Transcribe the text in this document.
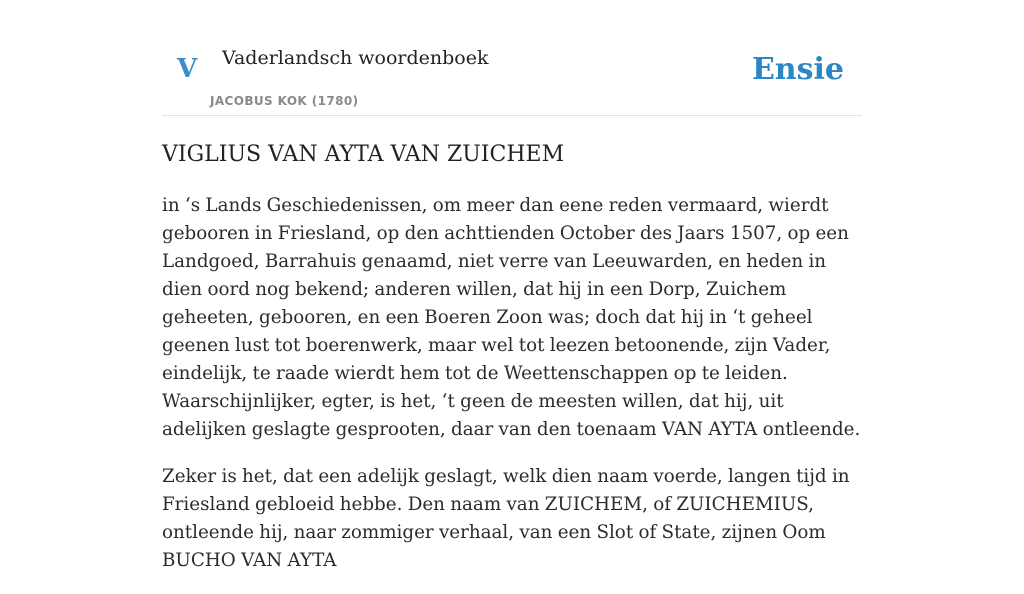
V Vaderlandsch woordenboek
JACOBUS KOK (1780)
Ensie
VIGLIUS VAN AYTA VAN ZUICHEM

in ‘s Lands Geschiedenissen, om meer dan eene reden vermaard, wierdt gebooren in Friesland, op den achttienden October des Jaars 1507, op een Landgoed, Barrahuis genaamd, niet verre van Leeuwarden, en heden in dien oord nog bekend; anderen willen, dat hij in een Dorp, Zuichem geheeten, gebooren, en een Boeren Zoon was; doch dat hij in ‘t geheel geenen lust tot boerenwerk, maar wel tot leezen betoonende, zijn Vader, eindelijk, te raade wierdt hem tot de Weettenschappen op te leiden. Waarschijnlijker, egter, is het, ‘t geen de meesten willen, dat hij, uit adelijken geslagte gesprooten, daar van den toenaam VAN AYTA ontleende.

Zeker is het, dat een adelijk geslagt, welk dien naam voerde, langen tijd in Friesland gebloeid hebbe. Den naam van ZUICHEM, of ZUICHEMIUS, ontleende hij, naar zommiger verhaal, van een Slot of State, zijnen Oom BUCHO VAN AYTA
